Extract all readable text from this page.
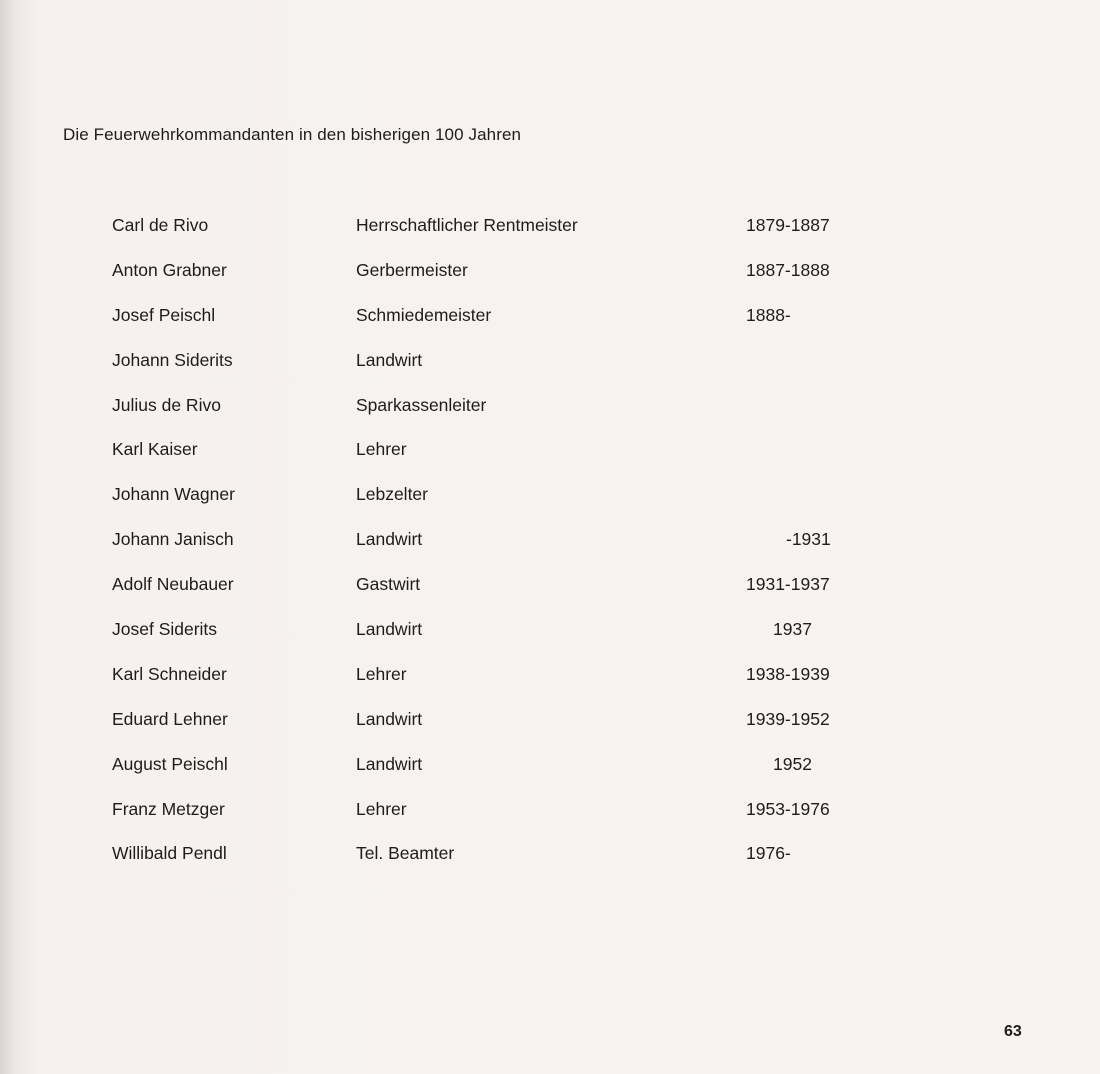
Die Feuerwehrkommandanten in den bisherigen 100 Jahren
Carl de Rivo	Herrschaftlicher Rentmeister	1879-1887
Anton Grabner	Gerbermeister	1887-1888
Josef Peischl	Schmiedemeister	1888-
Johann Siderits	Landwirt
Julius de Rivo	Sparkassenleiter
Karl Kaiser	Lehrer
Johann Wagner	Lebzelter
Johann Janisch	Landwirt	-1931
Adolf Neubauer	Gastwirt	1931-1937
Josef Siderits	Landwirt	1937
Karl Schneider	Lehrer	1938-1939
Eduard Lehner	Landwirt	1939-1952
August Peischl	Landwirt	1952
Franz Metzger	Lehrer	1953-1976
Willibald Pendl	Tel. Beamter	1976-
63
